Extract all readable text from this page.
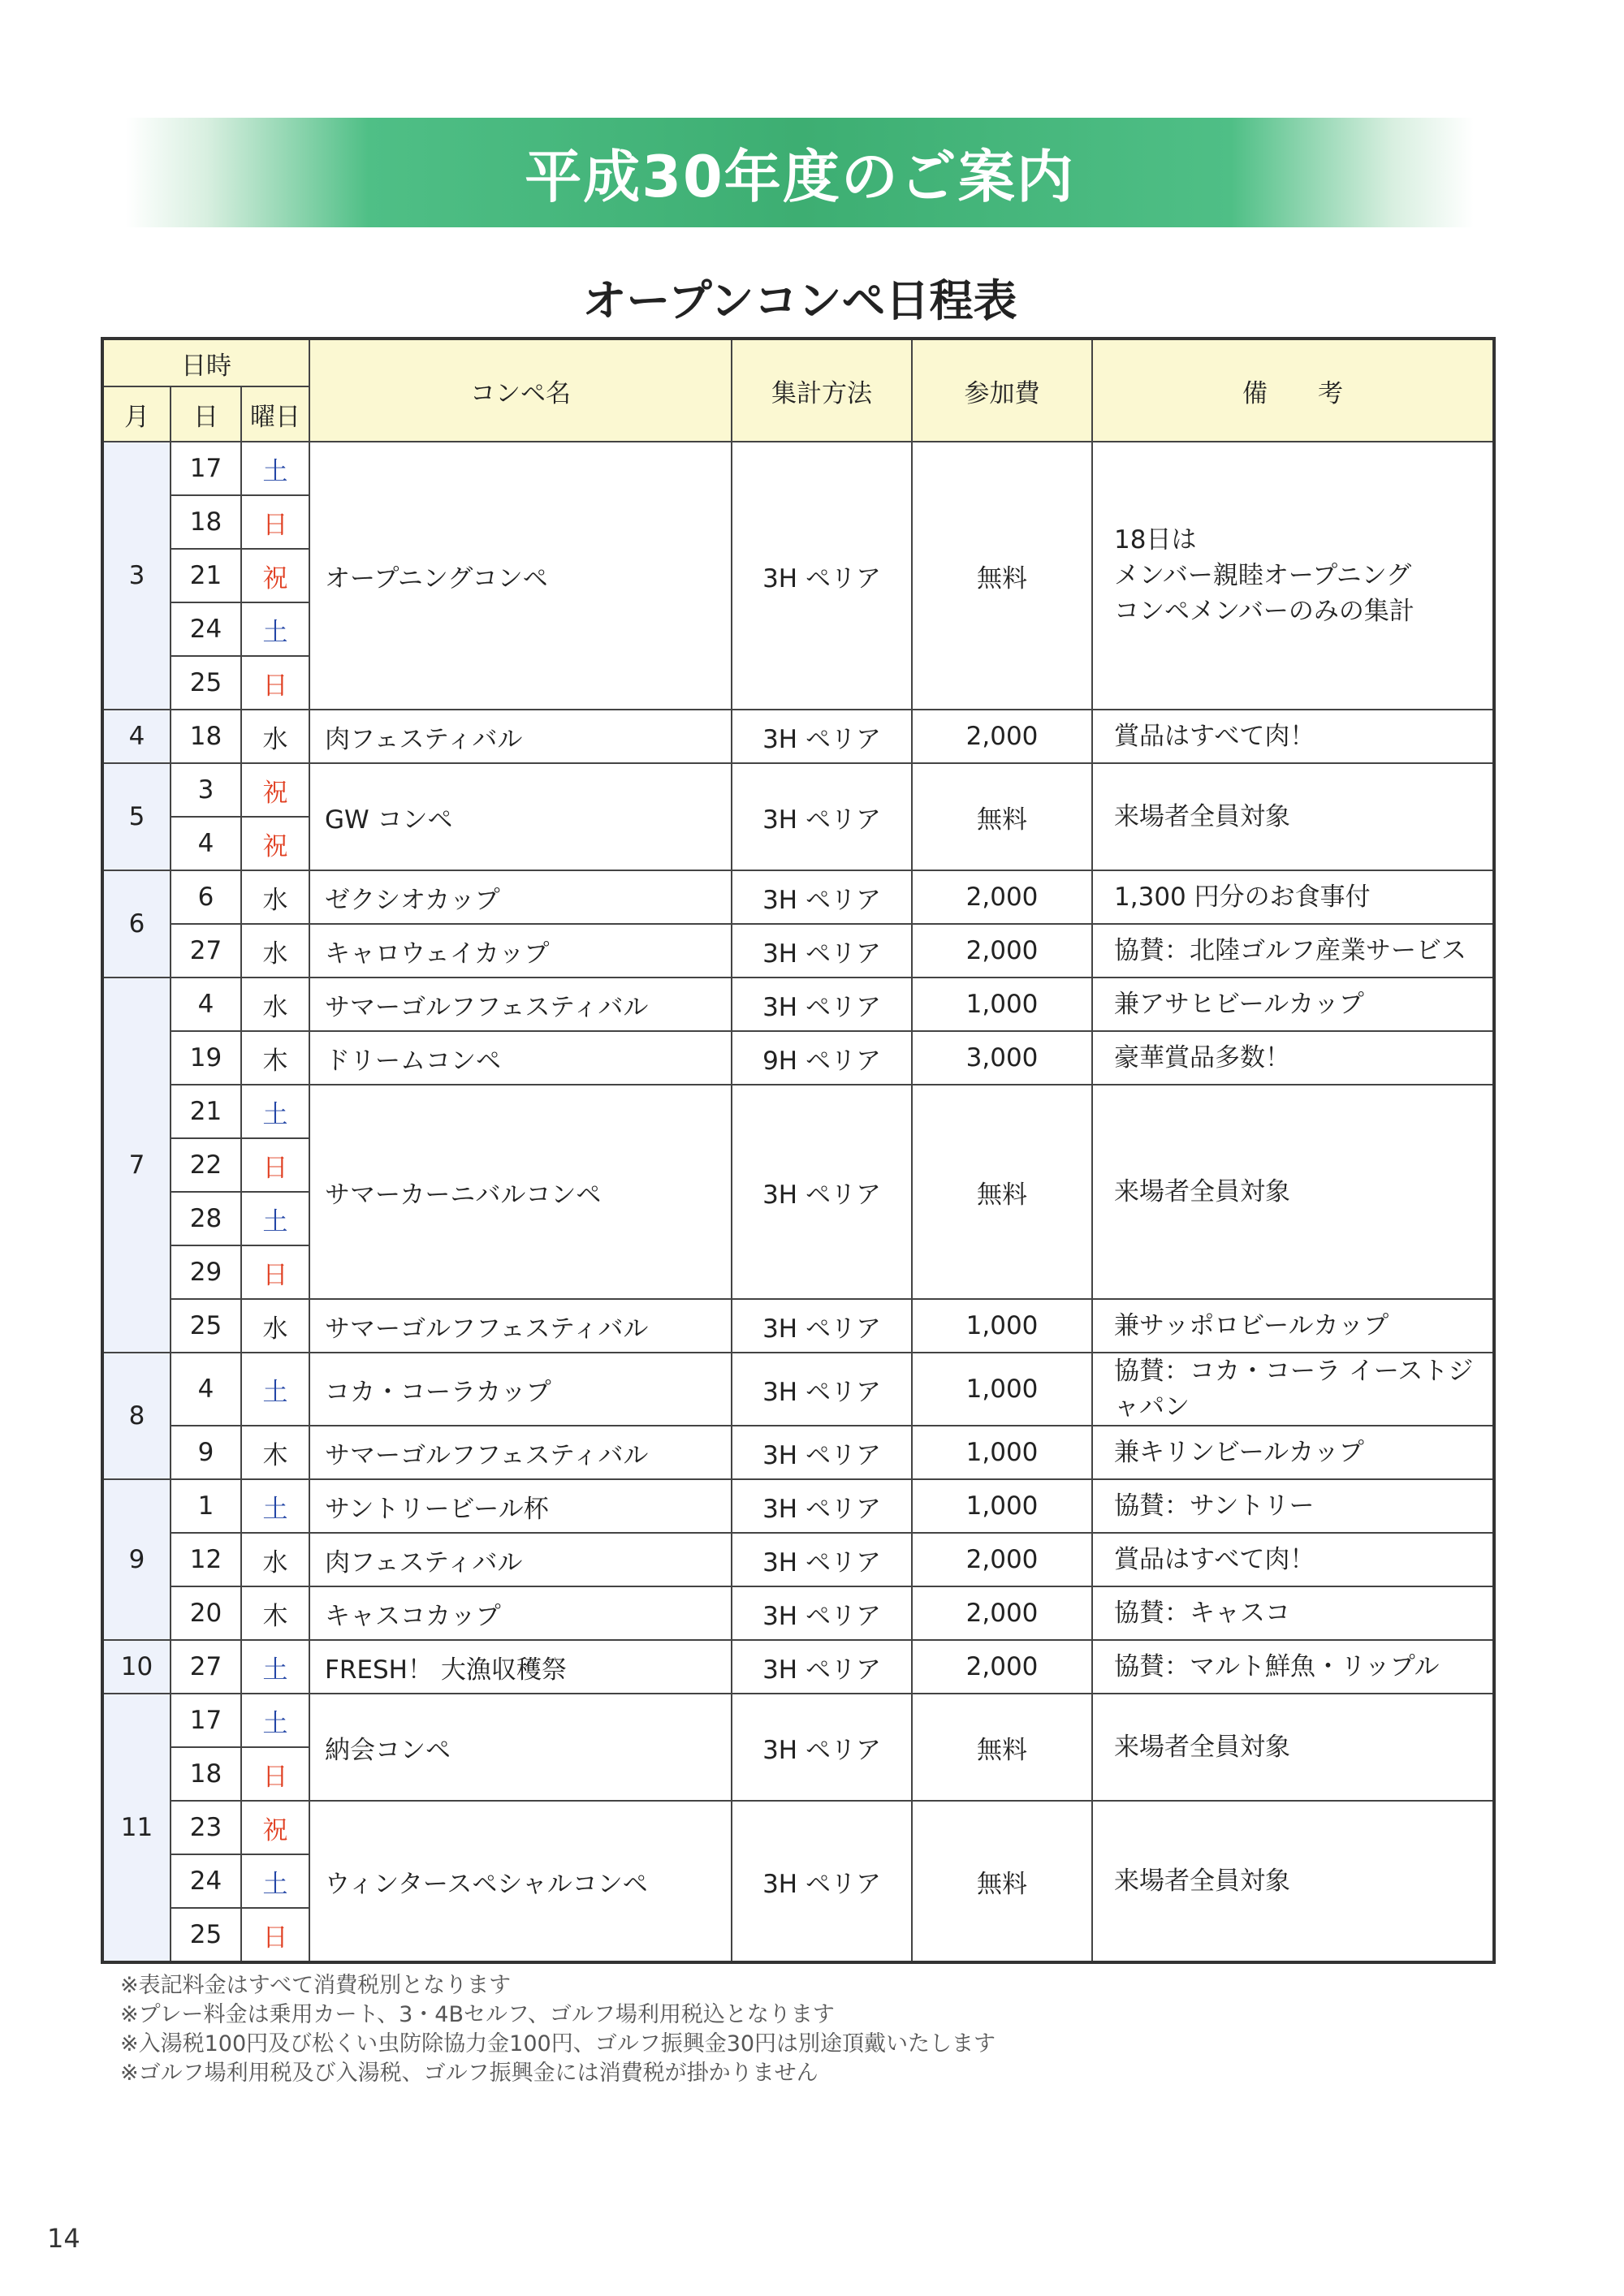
平成30年度のご案内
オープンコンペ日程表
日時			コンペ名	集計方法	参加費	備　　考
月	日	曜日				
3	17	土	オープニングコンペ	3H ペリア	無料	18日は
メンバー親睦オープニング
コンペメンバーのみの集計
	18	日				
	21	祝				
	24	土				
	25	日				
4	18	水	肉フェスティバル	3H ペリア	2,000	賞品はすべて肉！
5	3	祝	GW コンペ	3H ペリア	無料	来場者全員対象
	4	祝				
6	6	水	ゼクシオカップ	3H ペリア	2,000	1,300 円分のお食事付
	27	水	キャロウェイカップ	3H ペリア	2,000	協賛：北陸ゴルフ産業サービス
7	4	水	サマーゴルフフェスティバル	3H ペリア	1,000	兼アサヒビールカップ
	19	木	ドリームコンペ	9H ペリア	3,000	豪華賞品多数！
	21	土	サマーカーニバルコンペ	3H ペリア	無料	来場者全員対象
	22	日				
	28	土				
	29	日				
	25	水	サマーゴルフフェスティバル	3H ペリア	1,000	兼サッポロビールカップ
8	4	土	コカ・コーラカップ	3H ペリア	1,000	協賛：コカ・コーラ イーストジャパン
	9	木	サマーゴルフフェスティバル	3H ペリア	1,000	兼キリンビールカップ
9	1	土	サントリービール杯	3H ペリア	1,000	協賛：サントリー
	12	水	肉フェスティバル	3H ペリア	2,000	賞品はすべて肉！
	20	木	キャスコカップ	3H ペリア	2,000	協賛：キャスコ
10	27	土	FRESH！ 大漁収穫祭	3H ペリア	2,000	協賛：マルト鮮魚・リップル
11	17	土	納会コンペ	3H ペリア	無料	来場者全員対象
	18	日				
	23	祝	ウィンタースペシャルコンペ	3H ペリア	無料	来場者全員対象
	24	土				
	25	日				
※表記料金はすべて消費税別となります
※プレー料金は乗用カート、3・4Bセルフ、ゴルフ場利用税込となります
※入湯税100円及び松くい虫防除協力金100円、ゴルフ振興金30円は別途頂戴いたします
※ゴルフ場利用税及び入湯税、ゴルフ振興金には消費税が掛かりません
14
